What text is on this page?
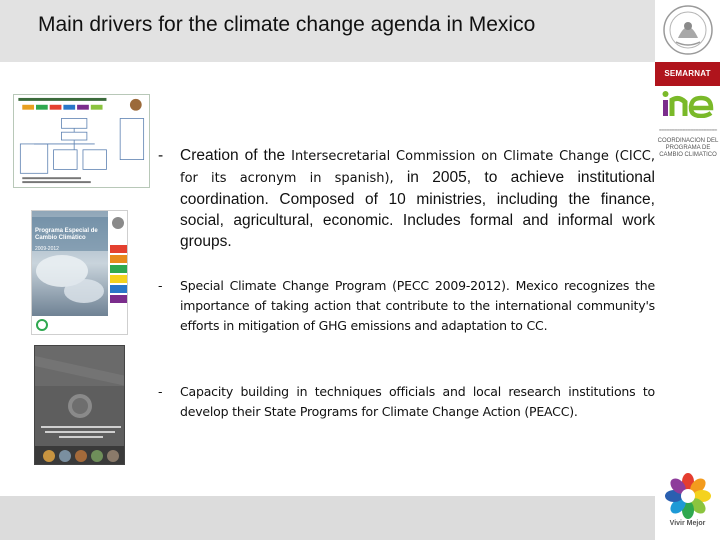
Main drivers for the climate change agenda in Mexico
SEMARNAT
━━━━━━━━━━━━━━━━━━━━━━━━━━━━━━━━━━━━
COORDINACION DEL PROGRAMA DE CAMBIO CLIMATICO
Vivir Mejor
Programa Especial de Cambio Climático
2009-2012
- Creation of the Intersecretarial Commission on Climate Change (CICC, for its acronym in spanish), in 2005, to achieve institutional coordination. Composed of 10 ministries, including the finance, social, agricultural, economic. Includes formal and informal work groups.
- Special Climate Change Program (PECC 2009-2012). Mexico recognizes the importance of taking action that contribute to the international community's efforts in mitigation of GHG emissions and adaptation to CC.
- Capacity building in techniques officials and local research institutions to develop their State Programs for Climate Change Action (PEACC).
